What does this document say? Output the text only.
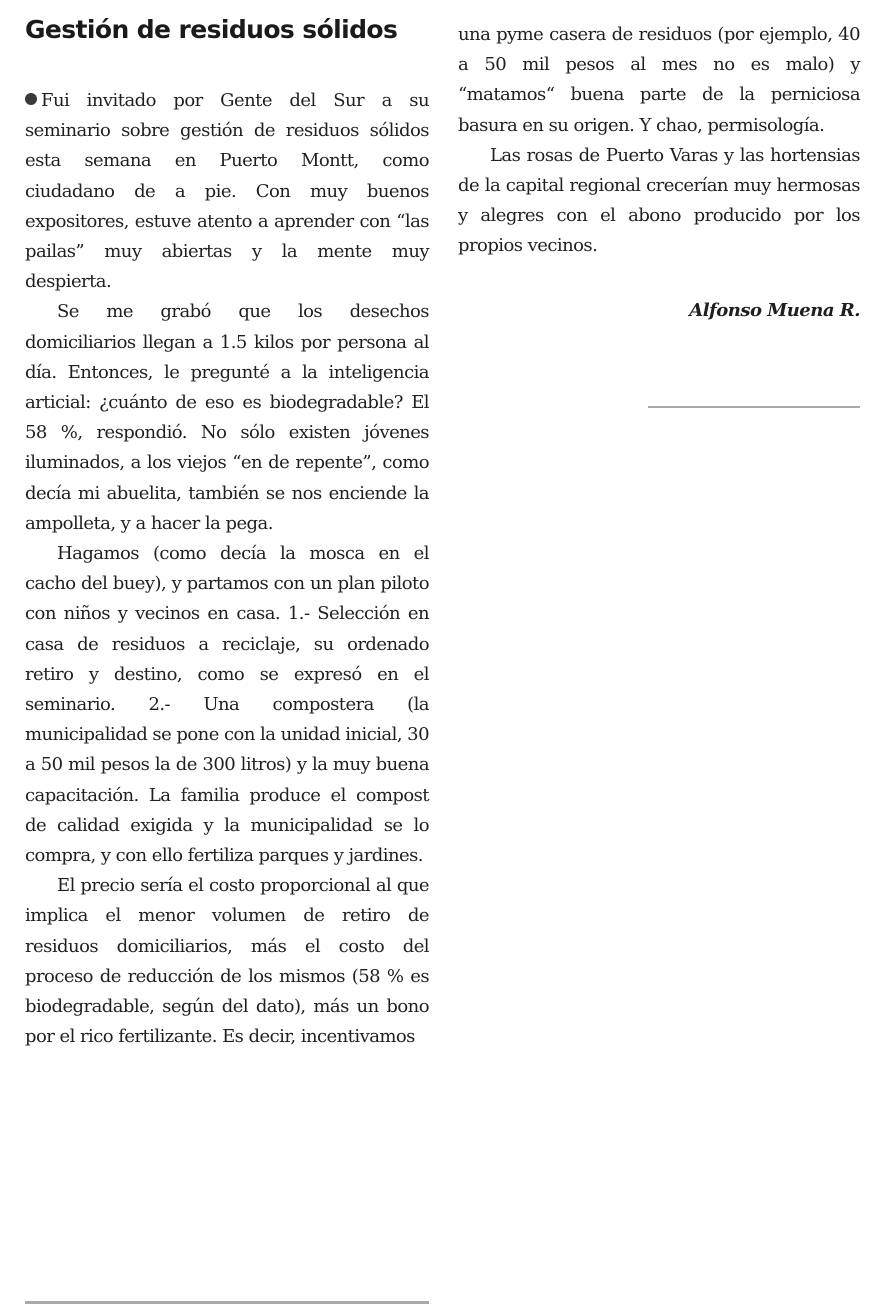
Gestión de residuos sólidos

Fui invitado por Gente del Sur a su seminario sobre gestión de residuos sólidos esta semana en Puerto Montt, como ciudadano de a pie. Con muy buenos expositores, estuve atento a aprender con “las pailas” muy abiertas y la mente muy despierta.

Se me grabó que los desechos domiciliarios llegan a 1.5 kilos por persona al día. Entonces, le pregunté a la inteligencia articial: ¿cuánto de eso es biodegradable? El 58 %, respondió. No sólo existen jóvenes iluminados, a los viejos “en de repente”, como decía mi abuelita, también se nos enciende la ampolleta, y a hacer la pega.

Hagamos (como decía la mosca en el cacho del buey), y partamos con un plan piloto con niños y vecinos en casa. 1.- Selección en casa de residuos a reciclaje, su ordenado retiro y destino, como se expresó en el seminario. 2.- Una compostera (la municipalidad se pone con la unidad inicial, 30 a 50 mil pesos la de 300 litros) y la muy buena capacitación. La familia produce el compost de calidad exigida y la municipalidad se lo compra, y con ello fertiliza parques y jardines.

El precio sería el costo proporcional al que implica el menor volumen de retiro de residuos domiciliarios, más el costo del proceso de reducción de los mismos (58 % es biodegradable, según del dato), más un bono por el rico fertilizante. Es decir, incentivamos

una pyme casera de residuos (por ejemplo, 40 a 50 mil pesos al mes no es malo) y “matamos“ buena parte de la perniciosa basura en su origen. Y chao, permisología.

Las rosas de Puerto Varas y las hortensias de la capital regional crecerían muy hermosas y alegres con el abono producido por los propios vecinos.

Alfonso Muena R.
